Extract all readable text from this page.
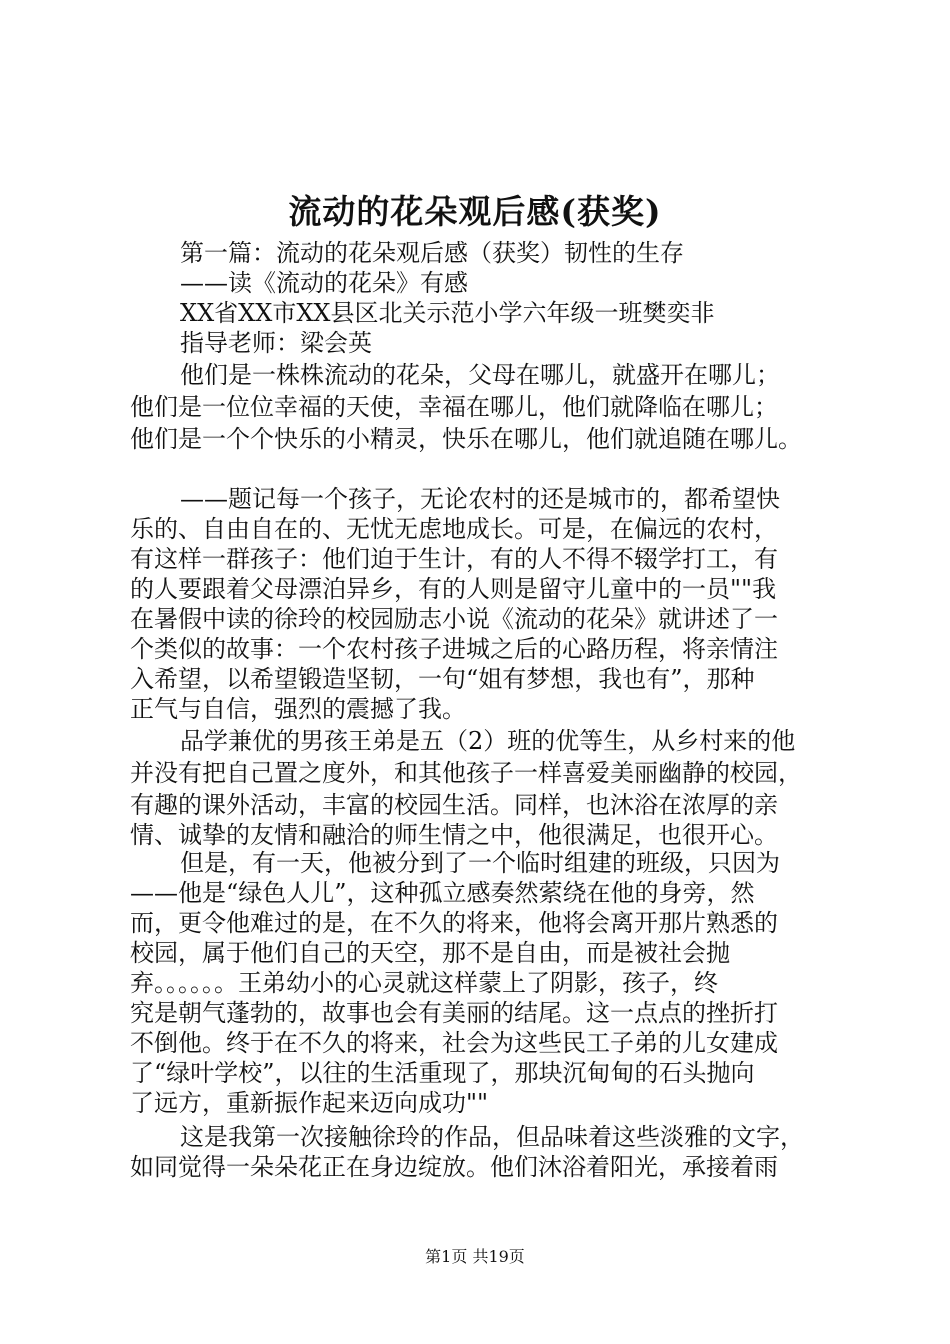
流动的花朵观后感(获奖)
第一篇：流动的花朵观后感（获奖）韧性的生存
——读《流动的花朵》有感
XX省XX市XX县区北关示范小学六年级一班樊奕非
指导老师：梁会英
他们是一株株流动的花朵，父母在哪儿，就盛开在哪儿；
他们是一位位幸福的天使，幸福在哪儿，他们就降临在哪儿；
他们是一个个快乐的小精灵，快乐在哪儿，他们就追随在哪儿。
——题记每一个孩子，无论农村的还是城市的，都希望快
乐的、自由自在的、无忧无虑地成长。可是，在偏远的农村，
有这样一群孩子：他们迫于生计，有的人不得不辍学打工，有
的人要跟着父母漂泊异乡，有的人则是留守儿童中的一员""我
在暑假中读的徐玲的校园励志小说《流动的花朵》就讲述了一
个类似的故事：一个农村孩子进城之后的心路历程，将亲情注
入希望，以希望锻造坚韧，一句“姐有梦想，我也有”，那种
正气与自信，强烈的震撼了我。
品学兼优的男孩王弟是五（2）班的优等生，从乡村来的他
并没有把自己置之度外，和其他孩子一样喜爱美丽幽静的校园，
有趣的课外活动，丰富的校园生活。同样，也沐浴在浓厚的亲
情、诚挚的友情和融洽的师生情之中，他很满足，也很开心。
但是，有一天，他被分到了一个临时组建的班级，只因为
——他是“绿色人儿”，这种孤立感奏然萦绕在他的身旁，然
而，更令他难过的是，在不久的将来，他将会离开那片熟悉的
校园，属于他们自己的天空，那不是自由，而是被社会抛
弃。。。。。。王弟幼小的心灵就这样蒙上了阴影，孩子，终
究是朝气蓬勃的，故事也会有美丽的结尾。这一点点的挫折打
不倒他。终于在不久的将来，社会为这些民工子弟的儿女建成
了“绿叶学校”，以往的生活重现了，那块沉甸甸的石头抛向
了远方，重新振作起来迈向成功""
这是我第一次接触徐玲的作品，但品味着这些淡雅的文字，
如同觉得一朵朵花正在身边绽放。他们沐浴着阳光，承接着雨
第1页 共19页
